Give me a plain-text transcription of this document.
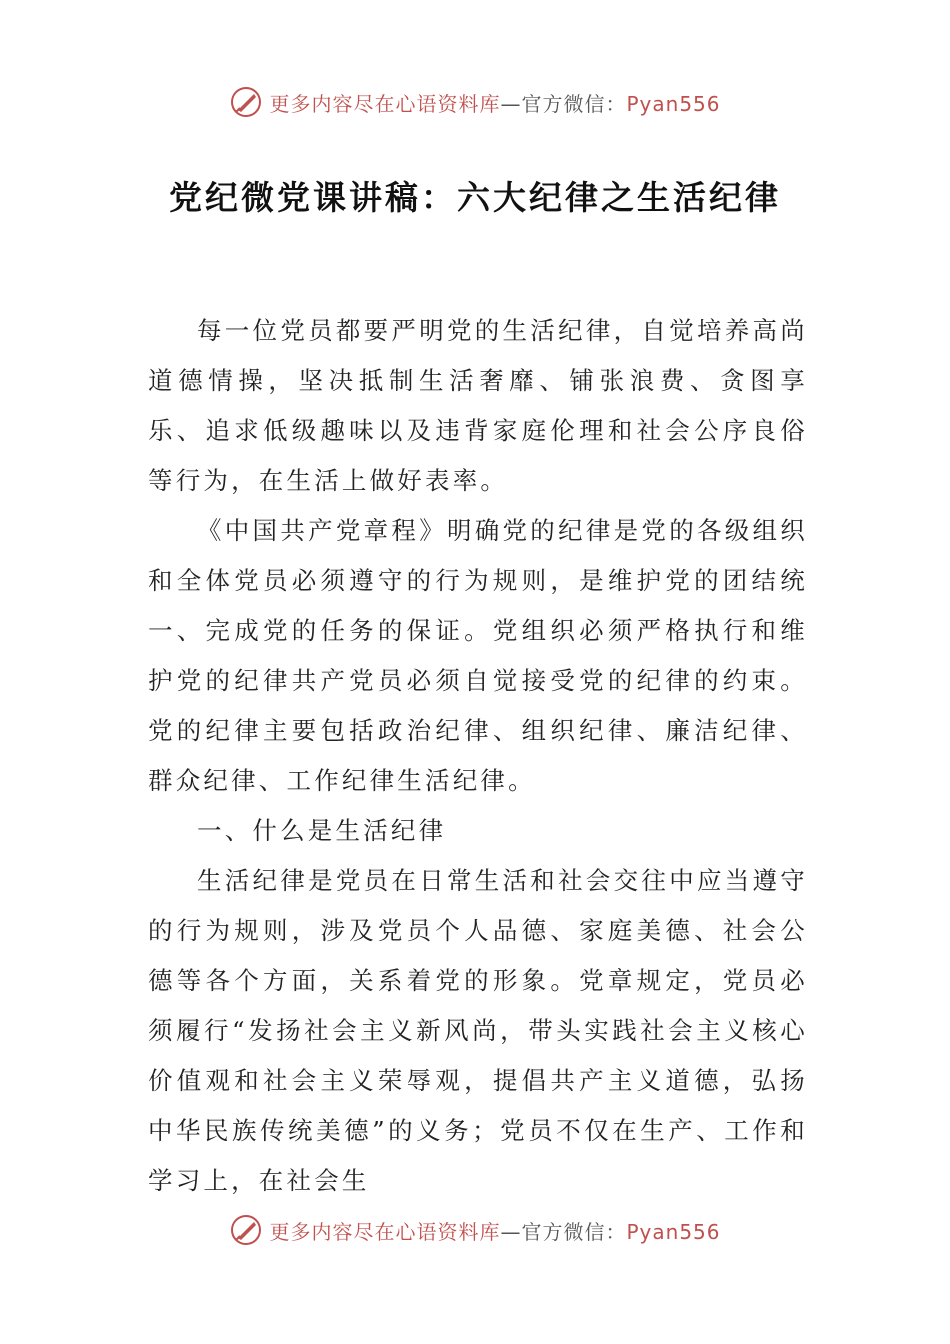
更多内容尽在心语资料库—官方微信：Pyan556
党纪微党课讲稿：六大纪律之生活纪律

每一位党员都要严明党的生活纪律，自觉培养高尚道德情操，坚决抵制生活奢靡、铺张浪费、贪图享乐、追求低级趣味以及违背家庭伦理和社会公序良俗等行为，在生活上做好表率。

《中国共产党章程》明确党的纪律是党的各级组织和全体党员必须遵守的行为规则，是维护党的团结统一、完成党的任务的保证。党组织必须严格执行和维护党的纪律共产党员必须自觉接受党的纪律的约束。党的纪律主要包括政治纪律、组织纪律、廉洁纪律、群众纪律、工作纪律生活纪律。

一、什么是生活纪律

生活纪律是党员在日常生活和社会交往中应当遵守的行为规则，涉及党员个人品德、家庭美德、社会公德等各个方面，关系着党的形象。党章规定，党员必须履行“发扬社会主义新风尚，带头实践社会主义核心价值观和社会主义荣辱观，提倡共产主义道德，弘扬中华民族传统美德”的义务；党员不仅在生产、工作和学习上，在社会生

更多内容尽在心语资料库—官方微信：Pyan556
